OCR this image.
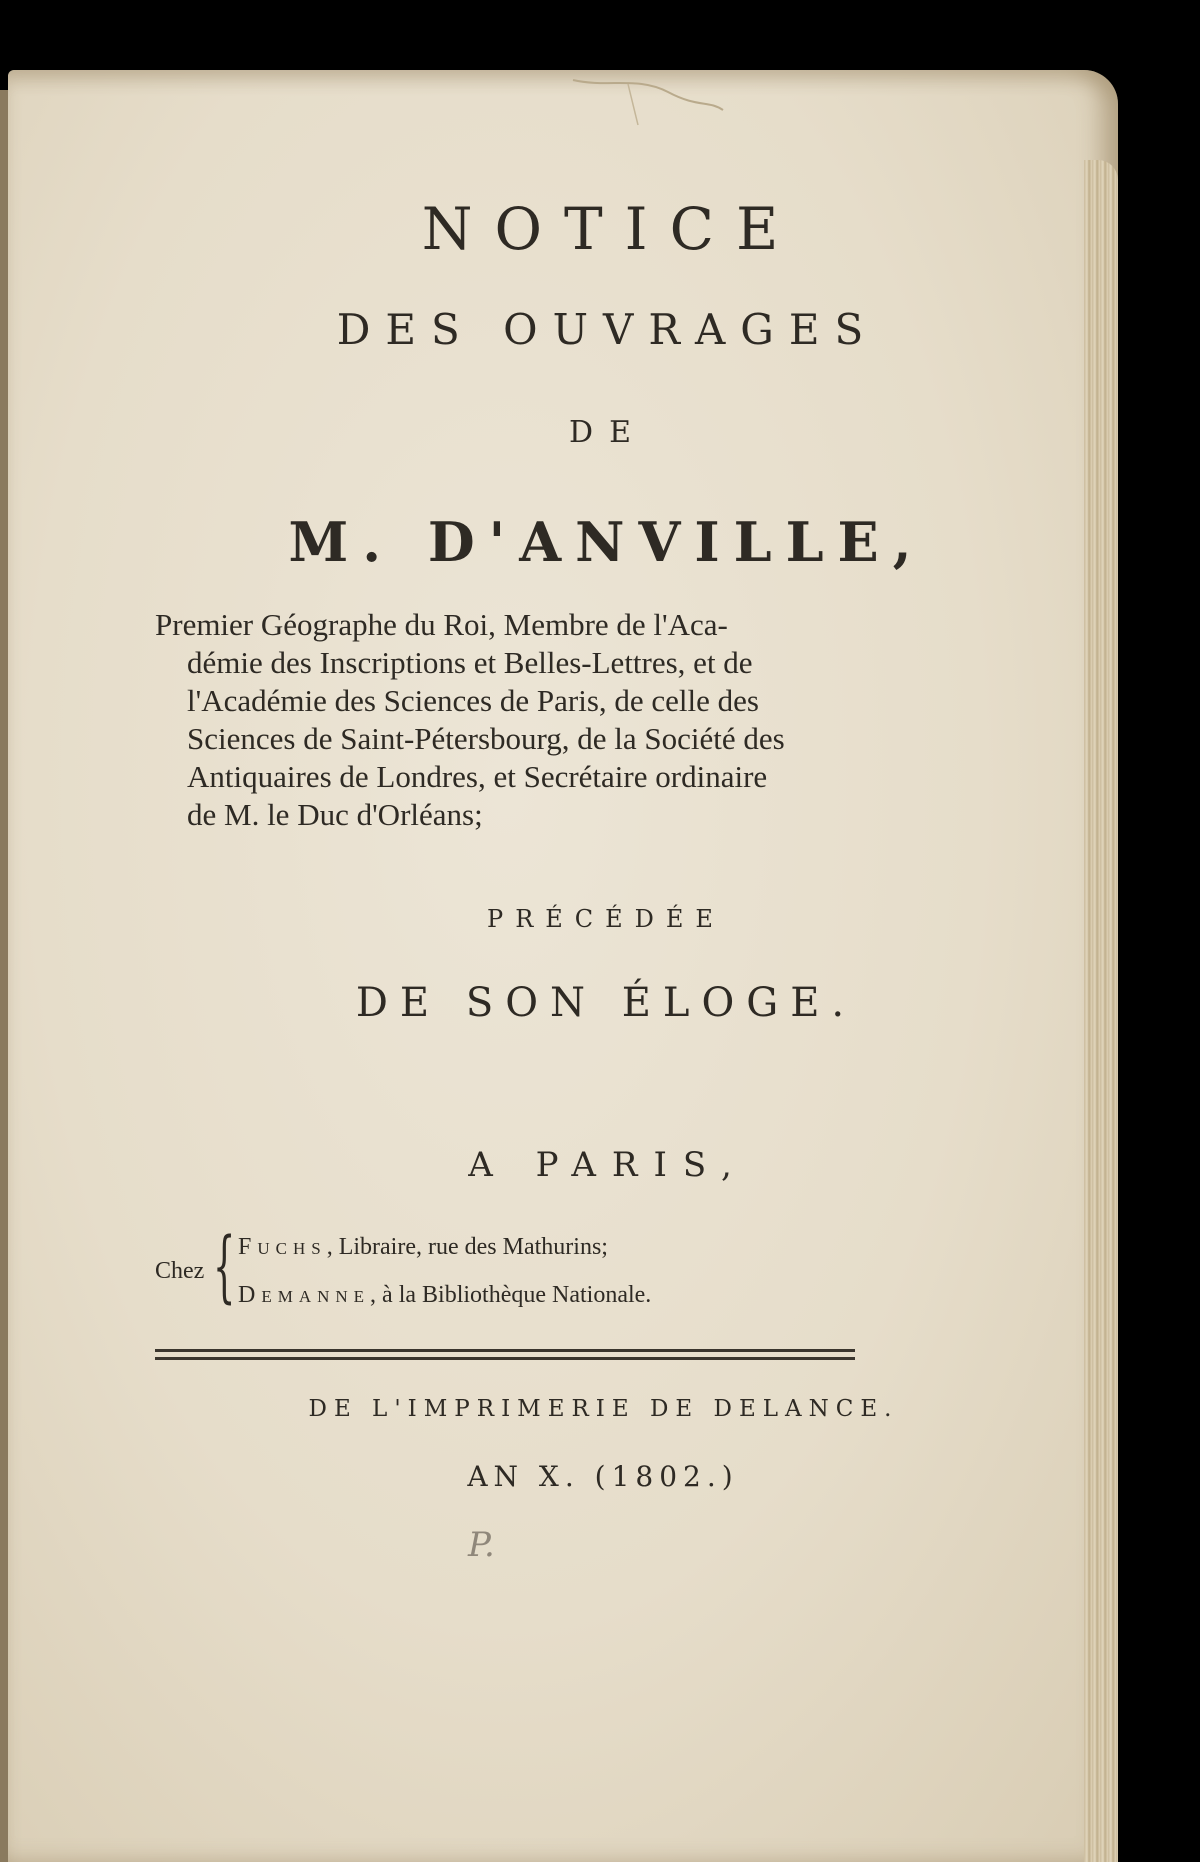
NOTICE
DES OUVRAGES
DE
M. D'ANVILLE,
Premier Géographe du Roi, Membre de l'Aca-
démie des Inscriptions et Belles-Lettres, et de
l'Académie des Sciences de Paris, de celle des
Sciences de Saint-Pétersbourg, de la Société des
Antiquaires de Londres, et Secrétaire ordinaire
de M. le Duc d'Orléans;
PRÉCÉDÉE
DE SON ÉLOGE.
A PARIS,
Chez { Fuchs, Libraire, rue des Mathurins;
Demanne, à la Bibliothèque Nationale.
DE L'IMPRIMERIE DE DELANCE.
AN X. (1802.)
P.
